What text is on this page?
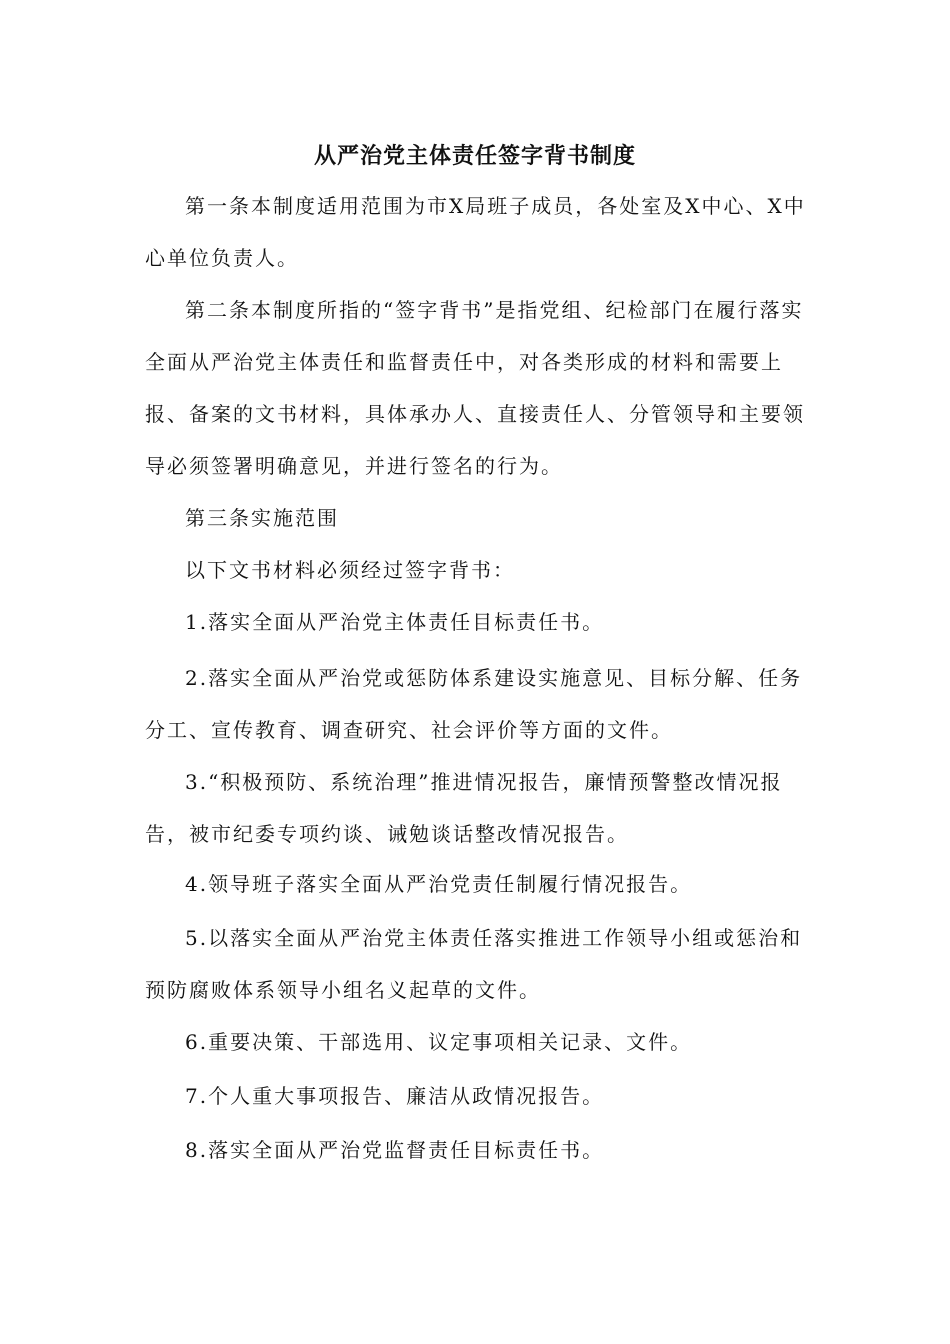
从严治党主体责任签字背书制度

第一条本制度适用范围为市X局班子成员，各处室及X中心、X中心单位负责人。

第二条本制度所指的“签字背书”是指党组、纪检部门在履行落实全面从严治党主体责任和监督责任中，对各类形成的材料和需要上报、备案的文书材料，具体承办人、直接责任人、分管领导和主要领导必须签署明确意见，并进行签名的行为。

第三条实施范围

以下文书材料必须经过签字背书：

1.落实全面从严治党主体责任目标责任书。

2.落实全面从严治党或惩防体系建设实施意见、目标分解、任务分工、宣传教育、调查研究、社会评价等方面的文件。

3.“积极预防、系统治理”推进情况报告，廉情预警整改情况报告，被市纪委专项约谈、诫勉谈话整改情况报告。

4.领导班子落实全面从严治党责任制履行情况报告。

5.以落实全面从严治党主体责任落实推进工作领导小组或惩治和预防腐败体系领导小组名义起草的文件。

6.重要决策、干部选用、议定事项相关记录、文件。

7.个人重大事项报告、廉洁从政情况报告。

8.落实全面从严治党监督责任目标责任书。
